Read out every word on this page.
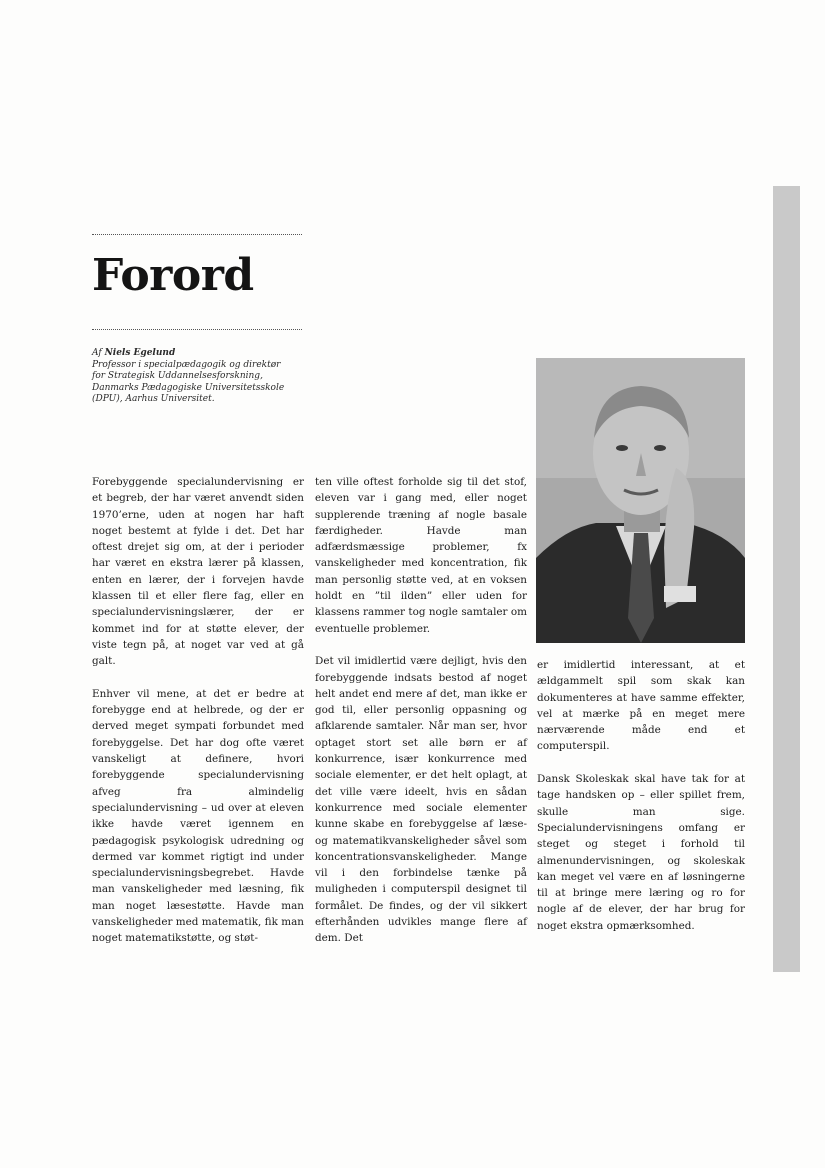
Forord
Af Niels Egelund
Professor i specialpædagogik og direktør
for Strategisk Uddannelsesforskning,
Danmarks Pædagogiske Universitetsskole
(DPU), Aarhus Universitet.

Forebyggende specialundervisning er et begreb, der har været anvendt siden 1970’erne, uden at nogen har haft noget bestemt at fylde i det. Det har oftest drejet sig om, at der i perioder har været en ekstra lærer på klassen, enten en lærer, der i forvejen havde klassen til et eller flere fag, eller en specialundervisningslærer, der er kommet ind for at støtte elever, der viste tegn på, at noget var ved at gå galt.

Enhver vil mene, at det er bedre at forebygge end at helbrede, og der er derved meget sympati forbundet med forebyggelse. Det har dog ofte været vanskeligt at definere, hvori forebyggende specialundervisning afveg fra almindelig specialundervisning – ud over at eleven ikke havde været igennem en pædagogisk psykologisk udredning og dermed var kommet rigtigt ind under specialundervisningsbegrebet. Havde man vanskeligheder med læsning, fik man noget læsestøtte. Havde man vanskeligheder med matematik, fik man noget matematikstøtte, og støt-

ten ville oftest forholde sig til det stof, eleven var i gang med, eller noget supplerende træning af nogle basale færdigheder. Havde man adfærdsmæssige problemer, fx vanskeligheder med koncentration, fik man personlig støtte ved, at en voksen holdt en ”til ilden” eller uden for klassens rammer tog nogle samtaler om eventuelle problemer.

Det vil imidlertid være dejligt, hvis den forebyggende indsats bestod af noget helt andet end mere af det, man ikke er god til, eller personlig oppasning og afklarende samtaler. Når man ser, hvor optaget stort set alle børn er af konkurrence, især konkurrence med sociale elementer, er det helt oplagt, at det ville være ideelt, hvis en sådan konkurrence med sociale elementer kunne skabe en forebyggelse af læse- og matematikvanskeligheder såvel som koncentrationsvanskeligheder. Mange vil i den forbindelse tænke på muligheden i computerspil designet til formålet. De findes, og der vil sikkert efterhånden udvikles mange flere af dem. Det

er imidlertid interessant, at et ældgammelt spil som skak kan dokumenteres at have samme effekter, vel at mærke på en meget mere nærværende måde end et computerspil.

Dansk Skoleskak skal have tak for at tage handsken op – eller spillet frem, skulle man sige. Specialundervisningens omfang er steget og steget i forhold til almenundervisningen, og skoleskak kan meget vel være en af løsningerne til at bringe mere læring og ro for nogle af de elever, der har brug for noget ekstra opmærksomhed.
